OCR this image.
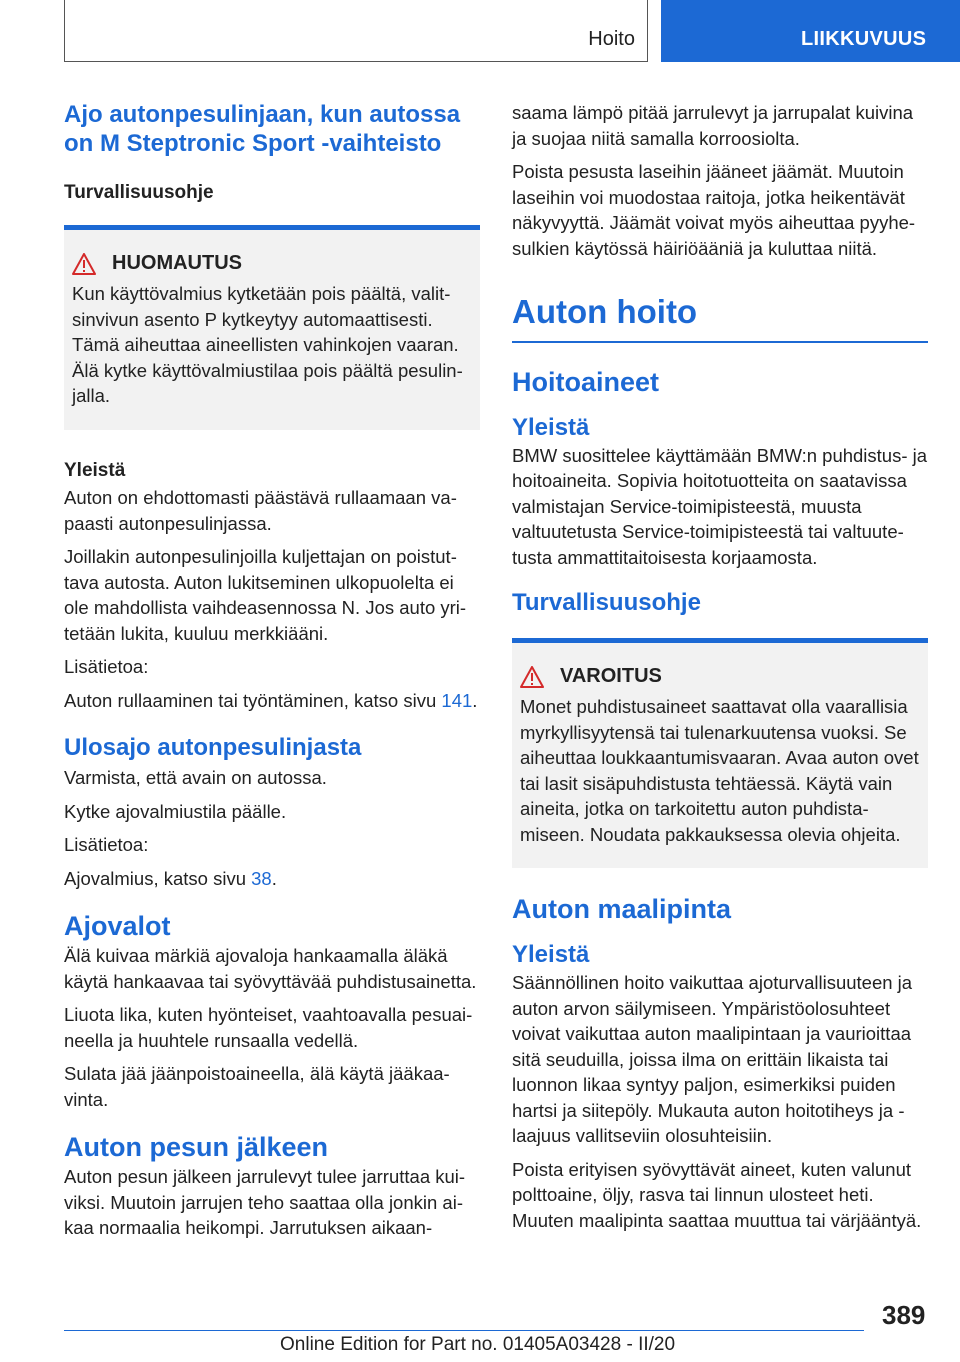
Hoito	LIIKKUVUUS
Ajo autonpesulinjaan, kun autossa on M Steptronic Sport -vaihteisto
Turvallisuusohje
HUOMAUTUS

Kun käyttövalmius kytketään pois päältä, valitsinvivun asento P kytkeytyy automaattisesti. Tämä aiheuttaa aineellisten vahinkojen vaaran. Älä kytke käyttövalmiustilaa pois päältä pesulinjalla.

Yleistä

Auton on ehdottomasti päästävä rullaamaan vapaasti autonpesulinjassa.

Joillakin autonpesulinjoilla kuljettajan on poistuttava autosta. Auton lukitseminen ulkopuolelta ei ole mahdollista vaihdeasennossa N. Jos auto yritetään lukita, kuuluu merkkiääni.

Lisätietoa:

Auton rullaaminen tai työntäminen, katso sivu 141.

Ulosajo autonpesulinjasta

Varmista, että avain on autossa.

Kytke ajovalmiustila päälle.

Lisätietoa:

Ajovalmius, katso sivu 38.

Ajovalot

Älä kuivaa märkiä ajovaloja hankaamalla äläkä käytä hankaavaa tai syövyttävää puhdistusainetta.

Liuota lika, kuten hyönteiset, vaahtoavalla pesuaineella ja huuhtele runsaalla vedellä.

Sulata jää jäänpoistoaineella, älä käytä jääkaavinta.

Auton pesun jälkeen

Auton pesun jälkeen jarrulevyt tulee jarruttaa kuiviksi. Muutoin jarrujen teho saattaa olla jonkin aikaa normaalia heikompi. Jarrutuksen aikaan-

saama lämpö pitää jarrulevyt ja jarrupalat kuivina ja suojaa niitä samalla korroosiolta.

Poista pesusta laseihin jääneet jäämät. Muutoin laseihin voi muodostaa raitoja, jotka heikentävät näkyvyyttä. Jäämät voivat myös aiheuttaa pyyhesulkien käytössä häiriöääniä ja kuluttaa niitä.

Auton hoito
Hoitoaineet
Yleistä

BMW suosittelee käyttämään BMW:n puhdistus- ja hoitoaineita. Sopivia hoitotuotteita on saatavissa valmistajan Service-toimipisteestä, muusta valtuutetusta Service-toimipisteestä tai valtuutetusta ammattitaitoisesta korjaamosta.

Turvallisuusohje
VAROITUS

Monet puhdistusaineet saattavat olla vaarallisia myrkyllisyytensä tai tulenarkuutensa vuoksi. Se aiheuttaa loukkaantumisvaaran. Avaa auton ovet tai lasit sisäpuhdistusta tehtäessä. Käytä vain aineita, jotka on tarkoitettu auton puhdistamiseen. Noudata pakkauksessa olevia ohjeita.

Auton maalipinta
Yleistä

Säännöllinen hoito vaikuttaa ajoturvallisuuteen ja auton arvon säilymiseen. Ympäristöolosuhteet voivat vaikuttaa auton maalipintaan ja vaurioittaa sitä seuduilla, joissa ilma on erittäin likaista tai luonnon likaa syntyy paljon, esimerkiksi puiden hartsi ja siitepöly. Mukauta auton hoitotiheys ja -laajuus vallitseviin olosuhteisiin.

Poista erityisen syövyttävät aineet, kuten valunut polttoaine, öljy, rasva tai linnun ulosteet heti. Muuten maalipinta saattaa muuttua tai värjääntyä.

389
Online Edition for Part no. 01405A03428 - II/20
